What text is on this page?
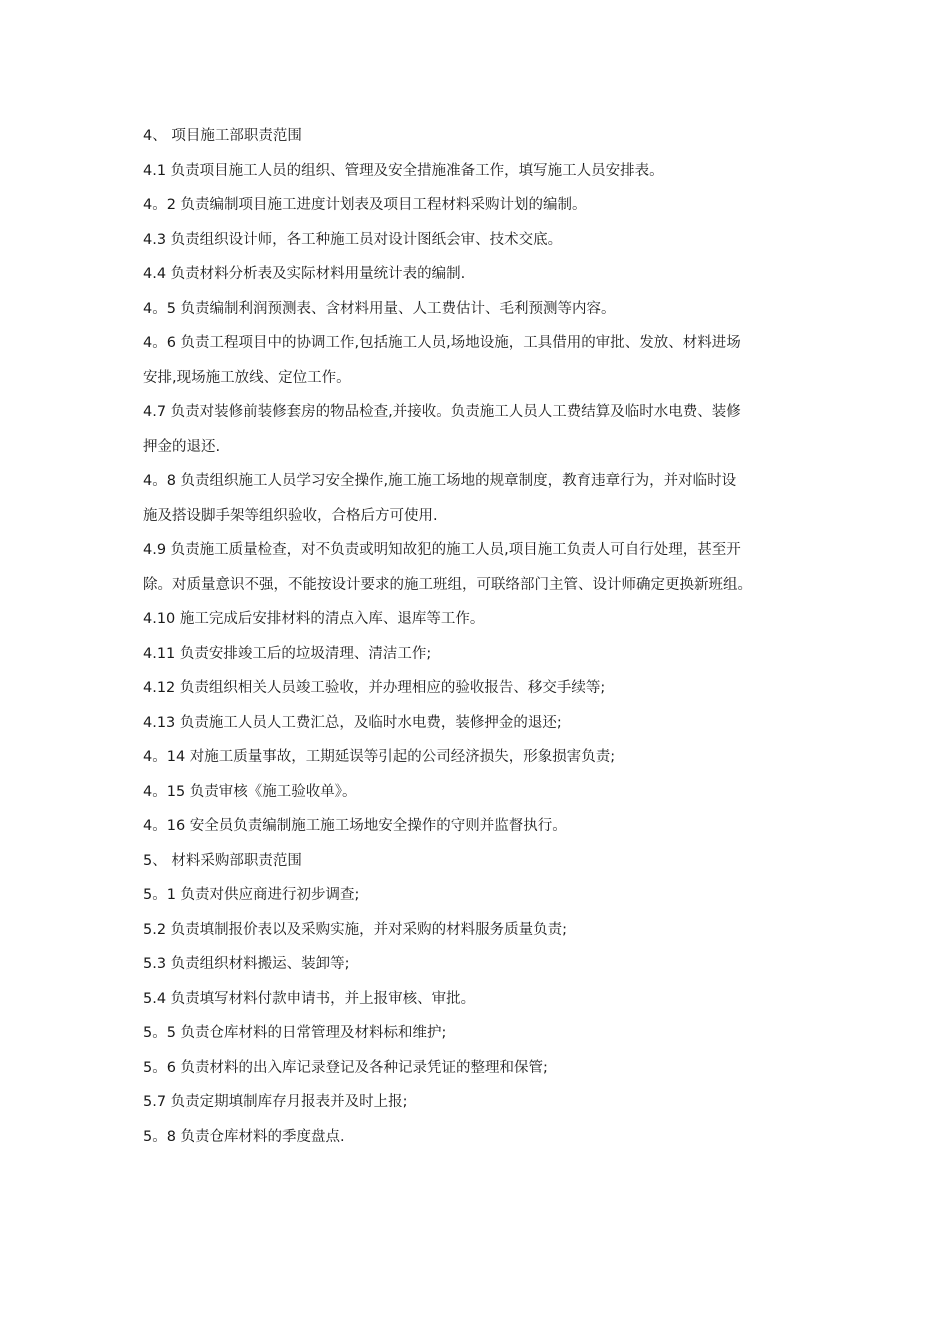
4、 项目施工部职责范围
4.1 负责项目施工人员的组织、管理及安全措施准备工作，填写施工人员安排表。
4。2 负责编制项目施工进度计划表及项目工程材料采购计划的编制。
4.3 负责组织设计师，各工种施工员对设计图纸会审、技术交底。
4.4 负责材料分析表及实际材料用量统计表的编制.
4。5 负责编制利润预测表、含材料用量、人工费估计、毛利预测等内容。
4。6 负责工程项目中的协调工作,包括施工人员,场地设施，工具借用的审批、发放、材料进场
安排,现场施工放线、定位工作。
4.7 负责对装修前装修套房的物品检查,并接收。负责施工人员人工费结算及临时水电费、装修
押金的退还.
4。8 负责组织施工人员学习安全操作,施工施工场地的规章制度，教育违章行为，并对临时设
施及搭设脚手架等组织验收，合格后方可使用.
4.9 负责施工质量检查，对不负责或明知故犯的施工人员,项目施工负责人可自行处理，甚至开
除。对质量意识不强，不能按设计要求的施工班组，可联络部门主管、设计师确定更换新班组。
4.10 施工完成后安排材料的清点入库、退库等工作。
4.11 负责安排竣工后的垃圾清理、清洁工作;
4.12 负责组织相关人员竣工验收，并办理相应的验收报告、移交手续等;
4.13 负责施工人员人工费汇总，及临时水电费，装修押金的退还;
4。14 对施工质量事故，工期延误等引起的公司经济损失，形象损害负责;
4。15 负责审核《施工验收单》。
4。16 安全员负责编制施工施工场地安全操作的守则并监督执行。
5、 材料采购部职责范围
5。1 负责对供应商进行初步调查;
5.2 负责填制报价表以及采购实施，并对采购的材料服务质量负责;
5.3 负责组织材料搬运、装卸等;
5.4 负责填写材料付款申请书，并上报审核、审批。
5。5 负责仓库材料的日常管理及材料标和维护;
5。6 负责材料的出入库记录登记及各种记录凭证的整理和保管;
5.7 负责定期填制库存月报表并及时上报;
5。8 负责仓库材料的季度盘点.
